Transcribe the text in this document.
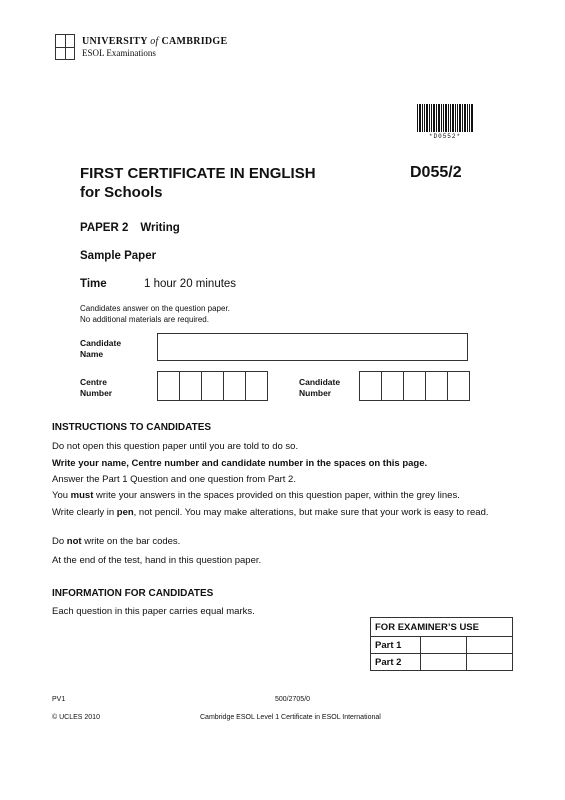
UNIVERSITY of CAMBRIDGE
ESOL Examinations
*D0552*
FIRST CERTIFICATE IN ENGLISH
for Schools
D055/2
PAPER 2 Writing
Sample Paper
Time	1 hour 20 minutes
Candidates answer on the question paper.
No additional materials are required.
Candidate
Name
Centre
Number
Candidate
Number
INSTRUCTIONS TO CANDIDATES
Do not open this question paper until you are told to do so.
Write your name, Centre number and candidate number in the spaces on this page.
Answer the Part 1 Question and one question from Part 2.
You must write your answers in the spaces provided on this question paper, within the grey lines.
Write clearly in pen, not pencil. You may make alterations, but make sure that your work is easy to read.
Do not write on the bar codes.
At the end of the test, hand in this question paper.
INFORMATION FOR CANDIDATES
Each question in this paper carries equal marks.
FOR EXAMINER’S USE		
Part 1		
Part 2		
PV1	500/2705/0
© UCLES 2010	Cambridge ESOL Level 1 Certificate in ESOL International
